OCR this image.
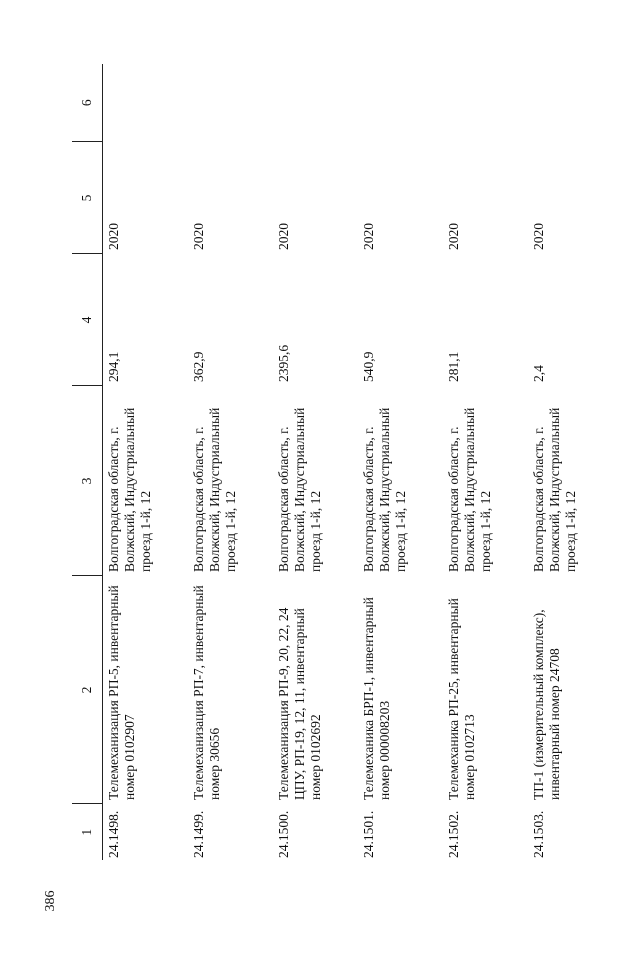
386
1	2	3	4	5	6
24.1498.	Телемеханизация РП-5, инвентарный номер 0102907	Волгоградская область, г. Волжский, Индустриальный проезд 1-й, 12	294,1	2020	
24.1499.	Телемеханизация РП-7, инвентарный номер 30656	Волгоградская область, г. Волжский, Индустриальный проезд 1-й, 12	362,9	2020	
24.1500.	Телемеханизация РП-9, 20, 22, 24 ЦПУ, РП-19, 12, 11, инвентарный номер 0102692	Волгоградская область, г. Волжский, Индустриальный проезд 1-й, 12	2395,6	2020	
24.1501.	Телемеханика БРП-1, инвентарный номер 000008203	Волгоградская область, г. Волжский, Индустриальный проезд 1-й, 12	540,9	2020	
24.1502.	Телемеханика РП-25, инвентарный номер 0102713	Волгоградская область, г. Волжский, Индустриальный проезд 1-й, 12	281,1	2020	
24.1503.	ТП-1 (измерительный комплекс), инвентарный номер 24708	Волгоградская область, г. Волжский, Индустриальный проезд 1-й, 12	2,4	2020	
